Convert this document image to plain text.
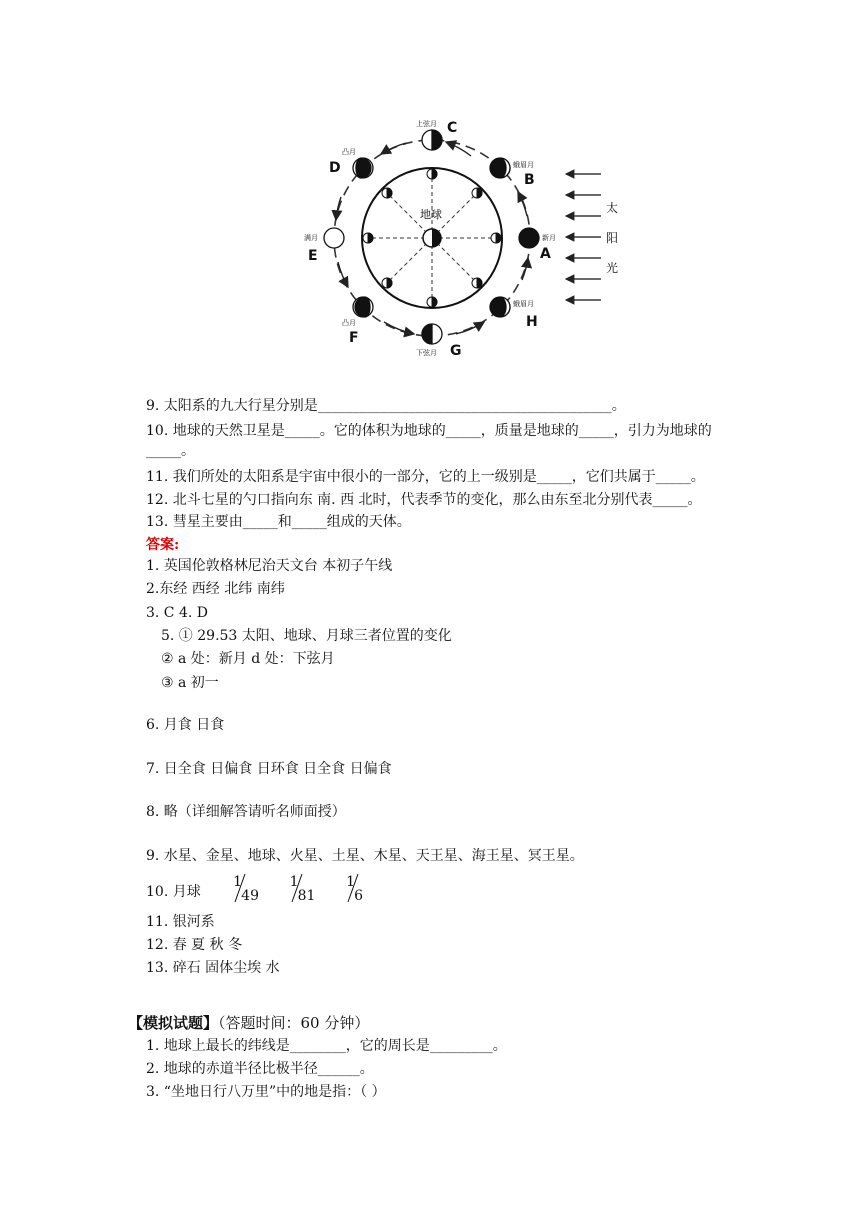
地球
A
B
C
D
E
F
G
H
新月
蛾眉月
上弦月
凸月
满月
凸月
下弦月
蛾眉月
太
阳
光
9. 太阳系的九大行星分别是__________________________________________。
10. 地球的天然卫星是_____。它的体积为地球的_____，质量是地球的_____，引力为地球的_____。
11. 我们所处的太阳系是宇宙中很小的一部分，它的上一级别是_____，它们共属于_____。
12. 北斗七星的勺口指向东 南. 西 北时，代表季节的变化，那么由东至北分别代表_____。
13. 彗星主要由_____和_____组成的天体。
答案:
1. 英国伦敦格林尼治天文台 本初子午线
2.东经 西经 北纬 南纬
3. C 4. D
5. ① 29.53 太阳、地球、月球三者位置的变化
② a 处：新月 d 处：下弦月
③ a 初一
6. 月食 日食
7. 日全食 日偏食 日环食 日全食 日偏食
8. 略（详细解答请听名师面授）
9. 水星、金星、地球、火星、土星、木星、天王星、海王星、冥王星。
10. 月球
1
49

1
81

1
6
11. 银河系
12. 春 夏 秋 冬
13. 碎石 固体尘埃 水
【模拟试题】（答题时间：60 分钟）
1. 地球上最长的纬线是________，它的周长是_________。
2. 地球的赤道半径比极半径______。
3. “坐地日行八万里”中的地是指：（ ）
